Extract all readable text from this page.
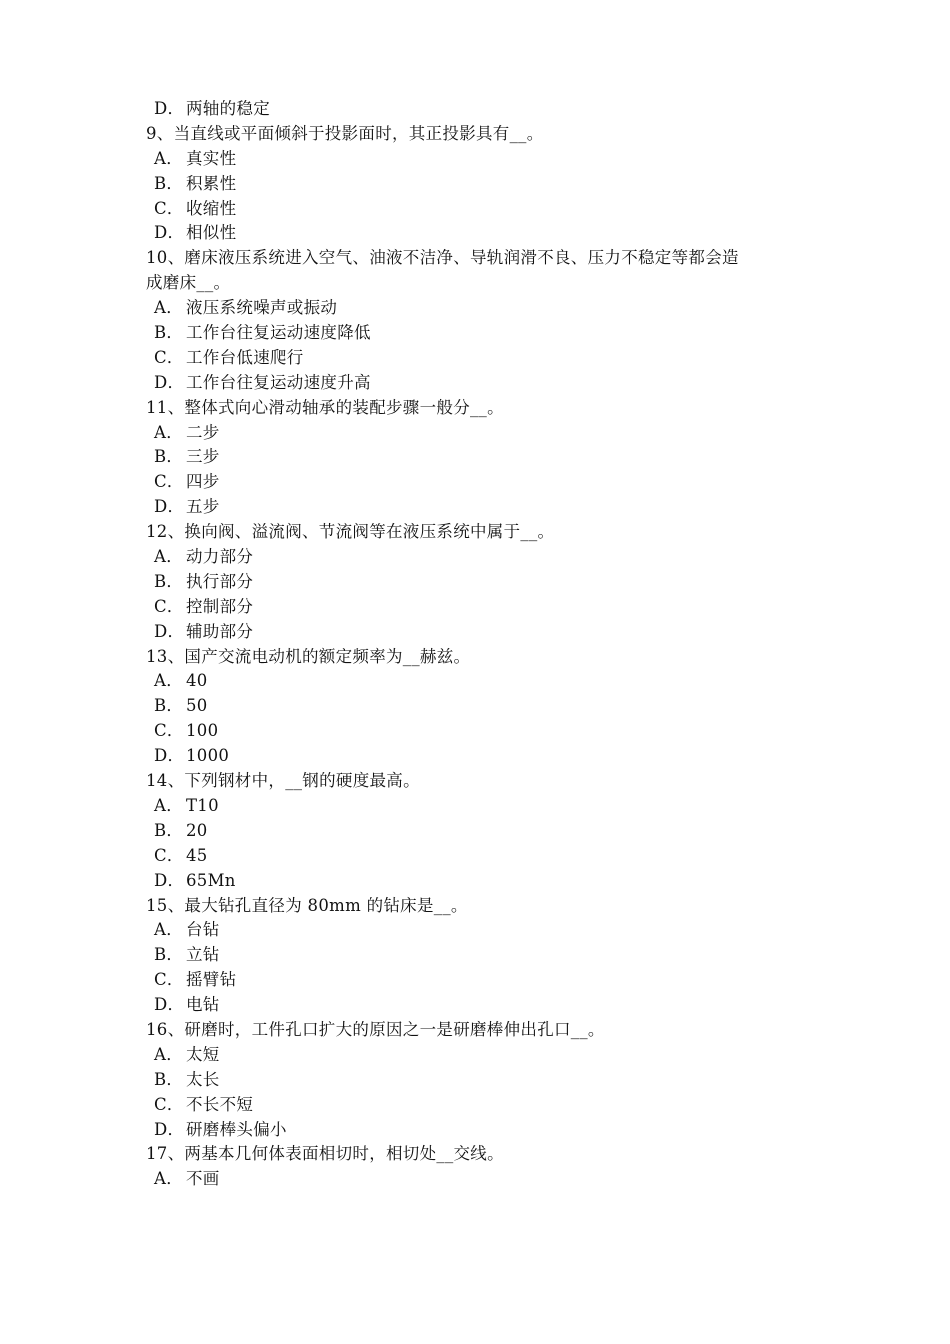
D． 两轴的稳定
9、当直线或平面倾斜于投影面时，其正投影具有__。
A． 真实性
B． 积累性
C． 收缩性
D． 相似性
10、磨床液压系统进入空气、油液不洁净、导轨润滑不良、压力不稳定等都会造
成磨床__。
A． 液压系统噪声或振动
B． 工作台往复运动速度降低
C． 工作台低速爬行
D． 工作台往复运动速度升高
11、整体式向心滑动轴承的装配步骤一般分__。
A． 二步
B． 三步
C． 四步
D． 五步
12、换向阀、溢流阀、节流阀等在液压系统中属于__。
A． 动力部分
B． 执行部分
C． 控制部分
D． 辅助部分
13、国产交流电动机的额定频率为__赫兹。
A． 40
B． 50
C． 100
D． 1000
14、下列钢材中，__钢的硬度最高。
A． T10
B． 20
C． 45
D． 65Mn
15、最大钻孔直径为 80mm 的钻床是__。
A． 台钻
B． 立钻
C． 摇臂钻
D． 电钻
16、研磨时，工件孔口扩大的原因之一是研磨棒伸出孔口__。
A． 太短
B． 太长
C． 不长不短
D． 研磨棒头偏小
17、两基本几何体表面相切时，相切处__交线。
A． 不画
